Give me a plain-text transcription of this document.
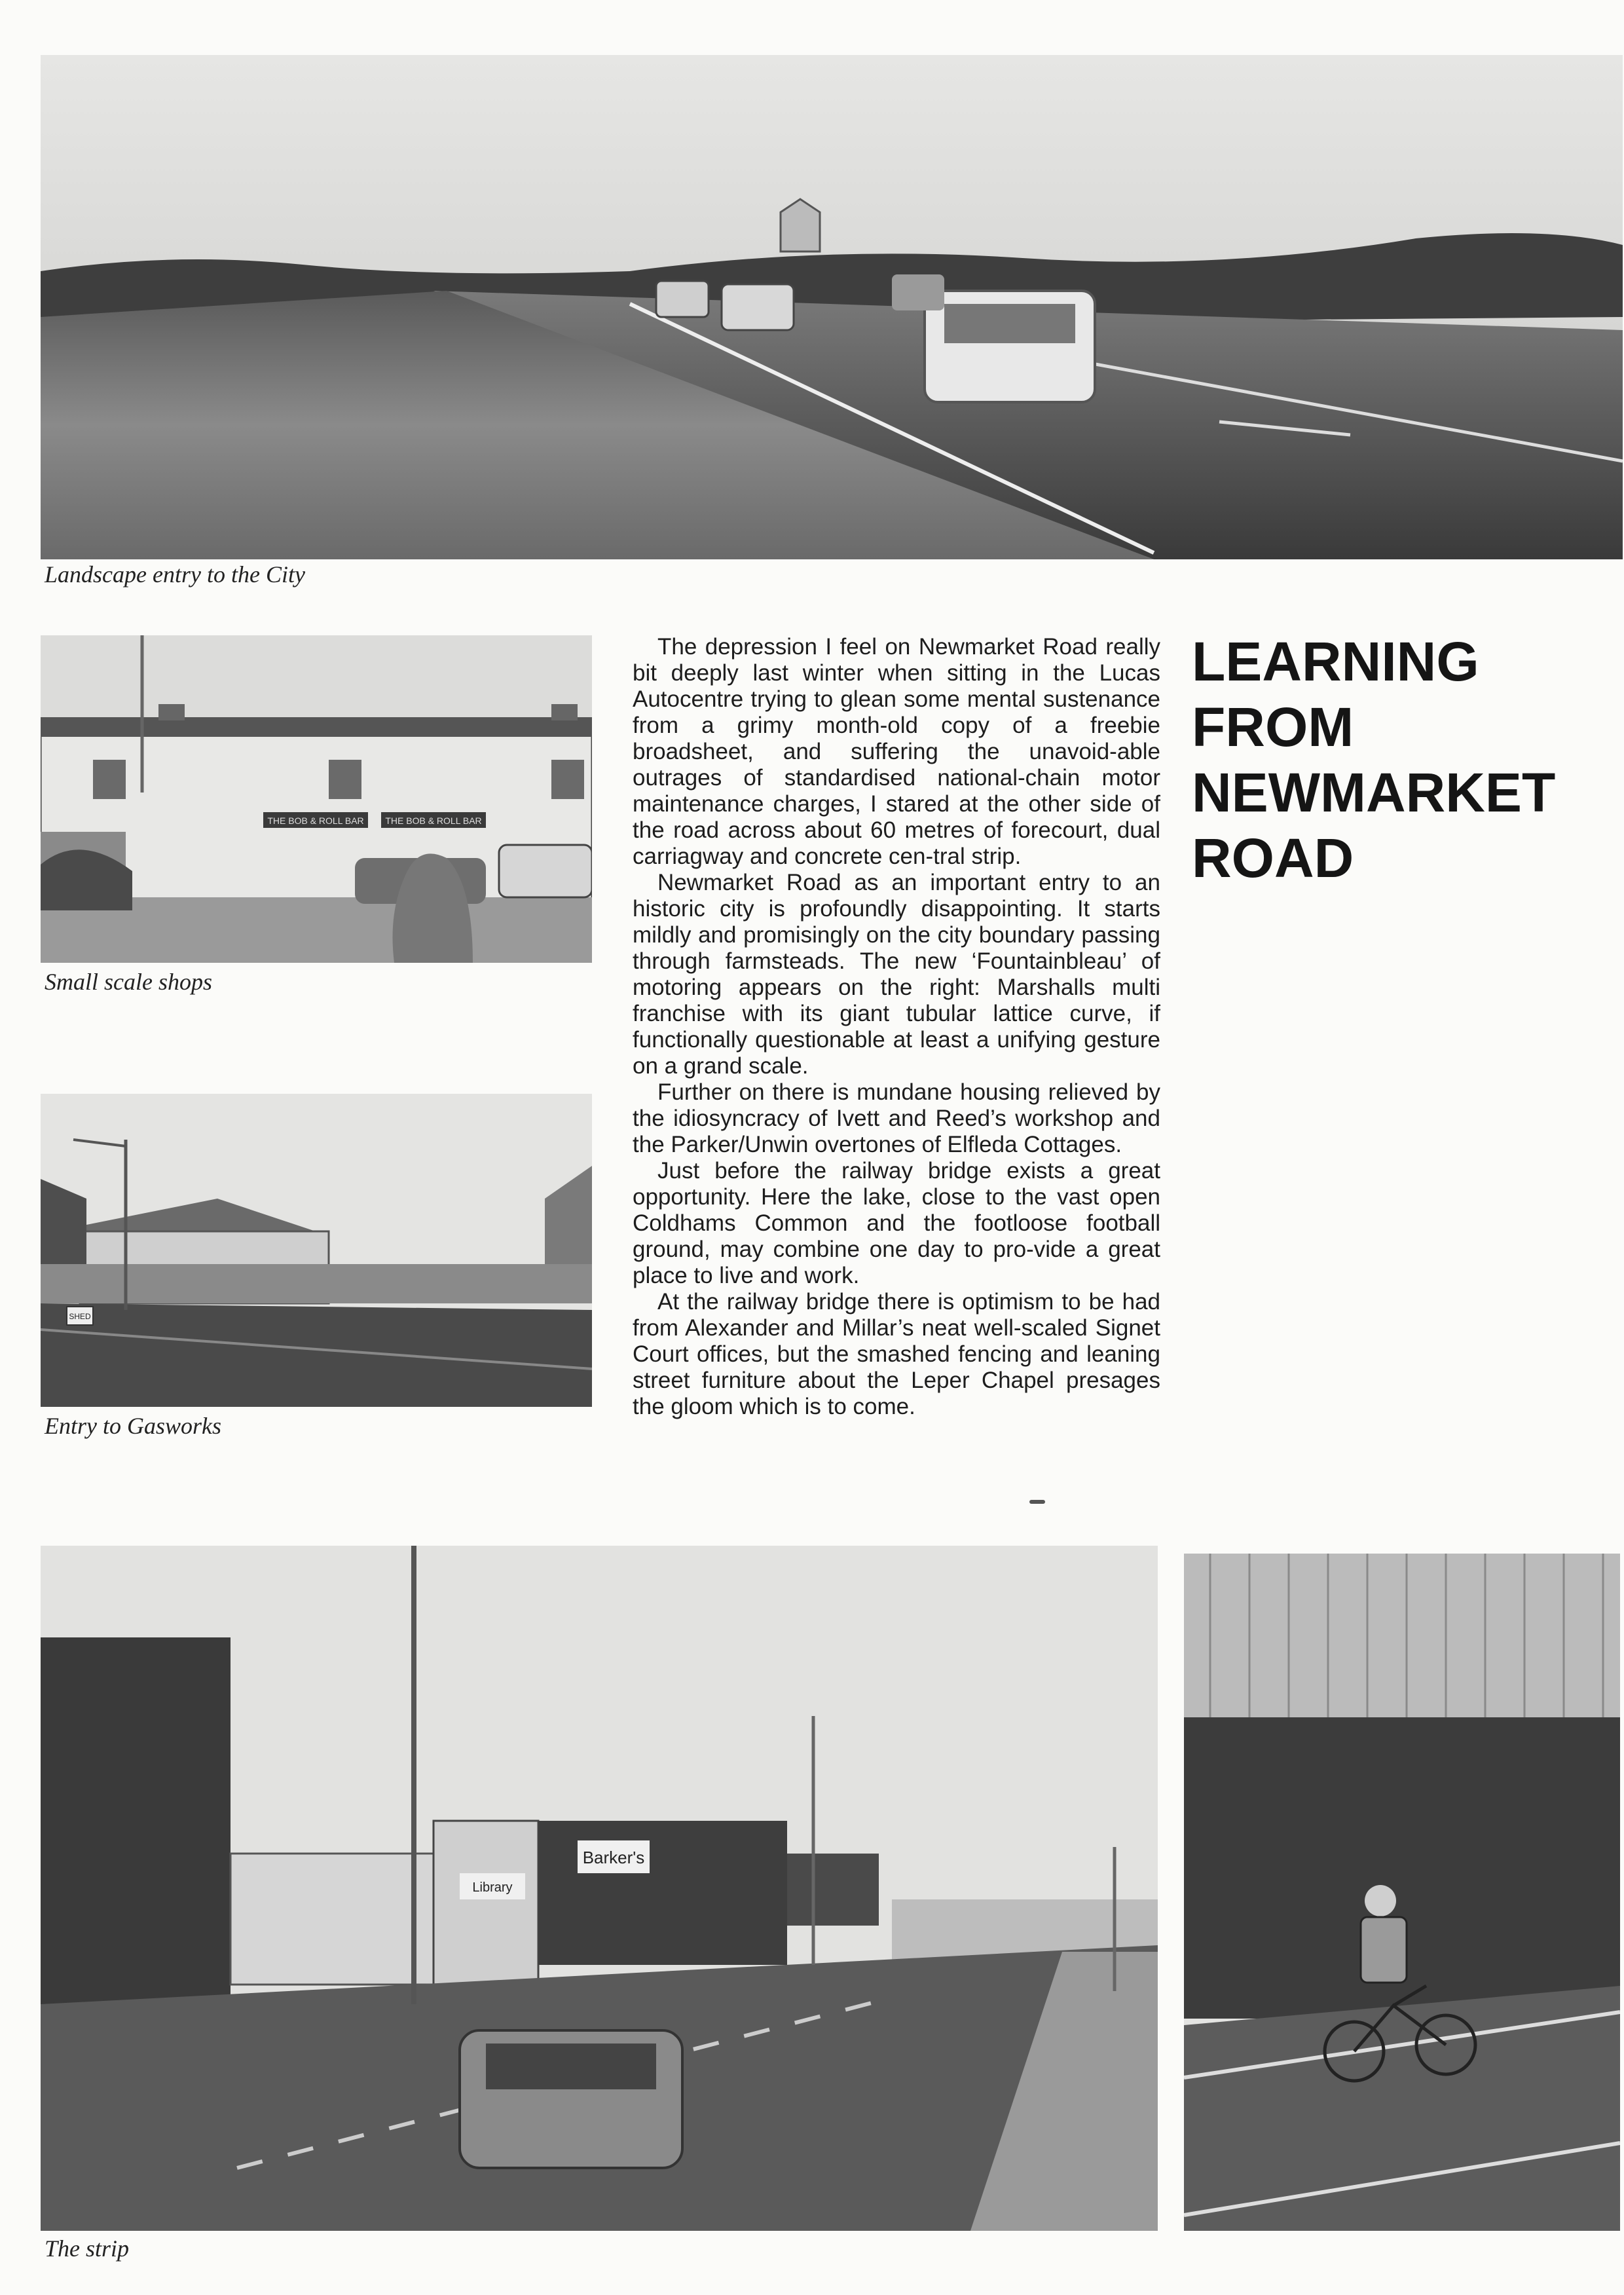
Landscape entry to the City
THE BOB & ROLL BAR THE BOB & ROLL BAR
Small scale shops
SHED
Entry to Gasworks
LEARNING
FROM
NEWMARKET
ROAD

The depression I feel on Newmarket Road really bit deeply last winter when sitting in the Lucas Autocentre trying to glean some mental sustenance from a grimy month-old copy of a freebie broadsheet, and suffering the unavoid-able outrages of standardised national-chain motor maintenance charges, I stared at the other side of the road across about 60 metres of forecourt, dual carriagway and concrete cen-tral strip.

Newmarket Road as an important entry to an historic city is profoundly disappointing. It starts mildly and promisingly on the city boundary passing through farmsteads. The new ‘Fountainbleau’ of motoring appears on the right: Marshalls multi franchise with its giant tubular lattice curve, if functionally questionable at least a unifying gesture on a grand scale.

Further on there is mundane housing relieved by the idiosyncracy of Ivett and Reed’s workshop and the Parker/Unwin overtones of Elfleda Cottages.

Just before the railway bridge exists a great opportunity. Here the lake, close to the vast open Coldhams Common and the footloose football ground, may combine one day to pro-vide a great place to live and work.

At the railway bridge there is optimism to be had from Alexander and Millar’s neat well-scaled Signet Court offices, but the smashed fencing and leaning street furniture about the Leper Chapel presages the gloom which is to come.

Barker's
Library
The strip
